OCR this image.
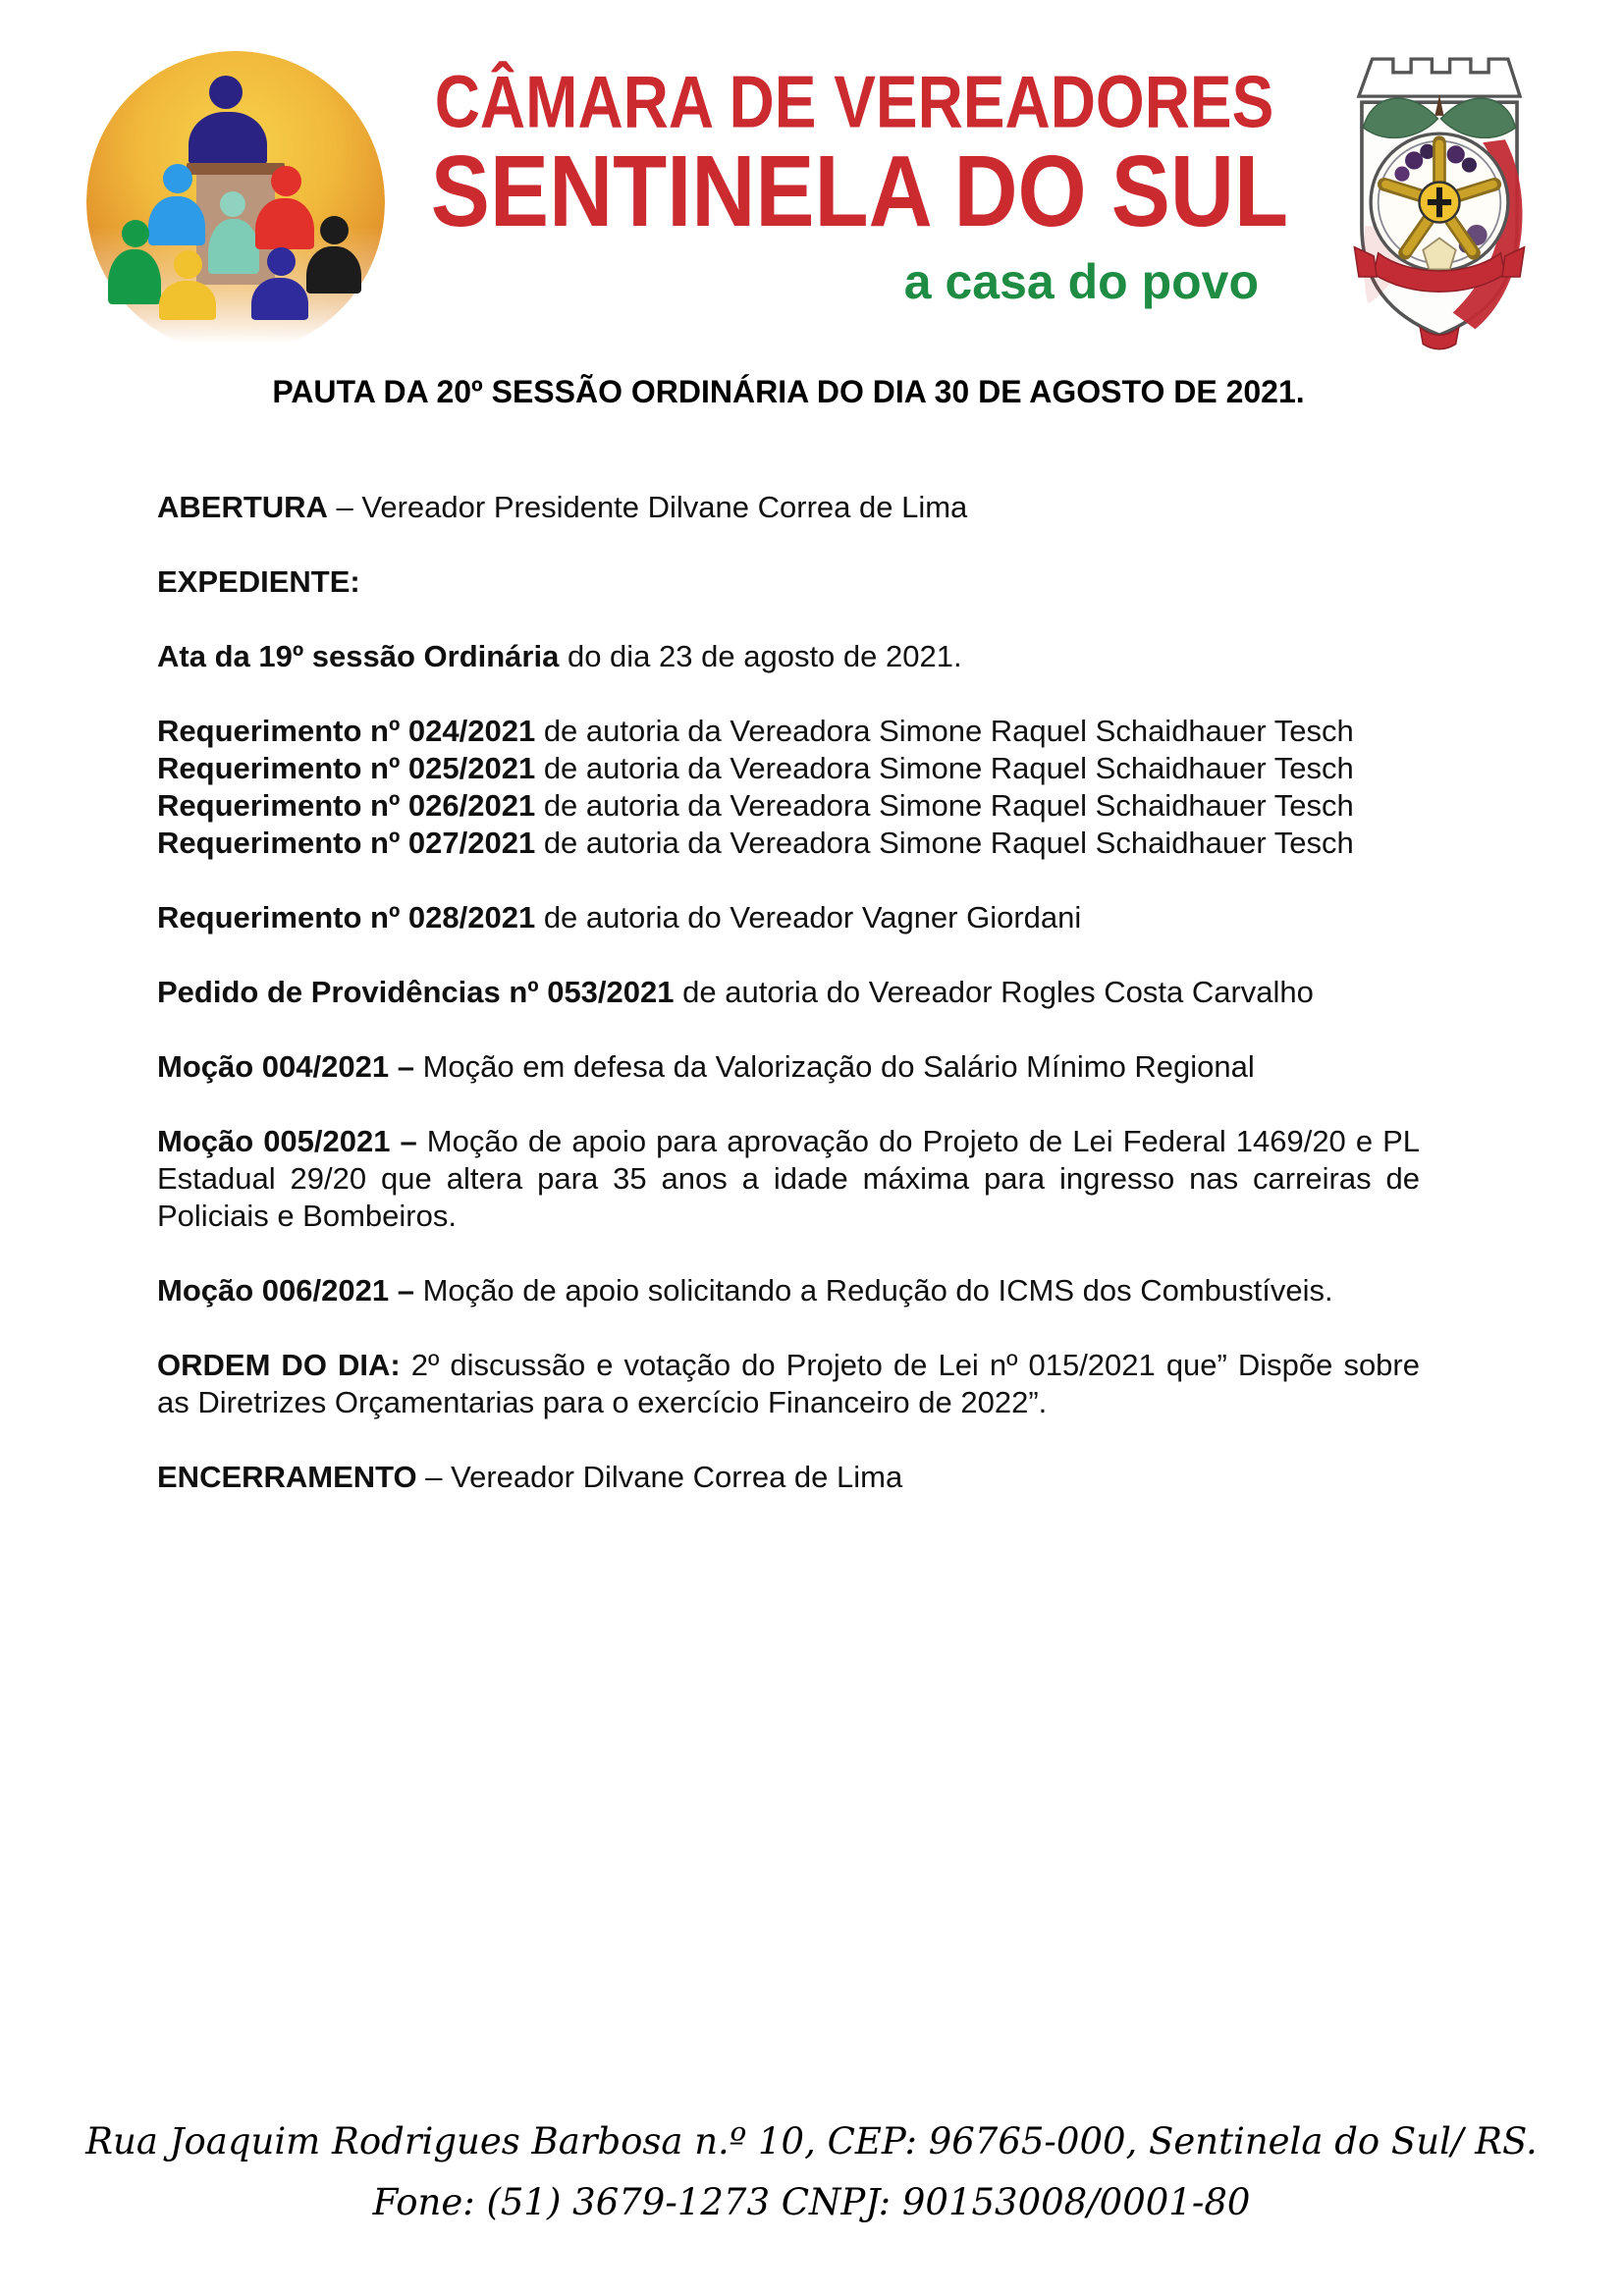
CÂMARA DE VEREADORES
SENTINELA DO SUL
a casa do povo
PAUTA DA 20º SESSÃO ORDINÁRIA DO DIA 30 DE AGOSTO DE 2021.

ABERTURA – Vereador Presidente Dilvane Correa de Lima

EXPEDIENTE:

Ata da 19º sessão Ordinária do dia 23 de agosto de 2021.

Requerimento nº 024/2021 de autoria da Vereadora Simone Raquel Schaidhauer Tesch

Requerimento nº 025/2021 de autoria da Vereadora Simone Raquel Schaidhauer Tesch

Requerimento nº 026/2021 de autoria da Vereadora Simone Raquel Schaidhauer Tesch

Requerimento nº 027/2021 de autoria da Vereadora Simone Raquel Schaidhauer Tesch

Requerimento nº 028/2021 de autoria do Vereador Vagner Giordani

Pedido de Providências nº 053/2021 de autoria do Vereador Rogles Costa Carvalho

Moção 004/2021 – Moção em defesa da Valorização do Salário Mínimo Regional

Moção 005/2021 – Moção de apoio para aprovação do Projeto de Lei Federal 1469/20 e PL Estadual 29/20 que altera para 35 anos a idade máxima para ingresso nas carreiras de Policiais e Bombeiros.

Moção 006/2021 – Moção de apoio solicitando a Redução do ICMS dos Combustíveis.

ORDEM DO DIA: 2º discussão e votação do Projeto de Lei nº 015/2021 que” Dispõe sobre as Diretrizes Orçamentarias para o exercício Financeiro de 2022”.

ENCERRAMENTO – Vereador Dilvane Correa de Lima

Rua Joaquim Rodrigues Barbosa n.º 10, CEP: 96765-000, Sentinela do Sul/ RS.
Fone: (51) 3679-1273 CNPJ: 90153008/0001-80
